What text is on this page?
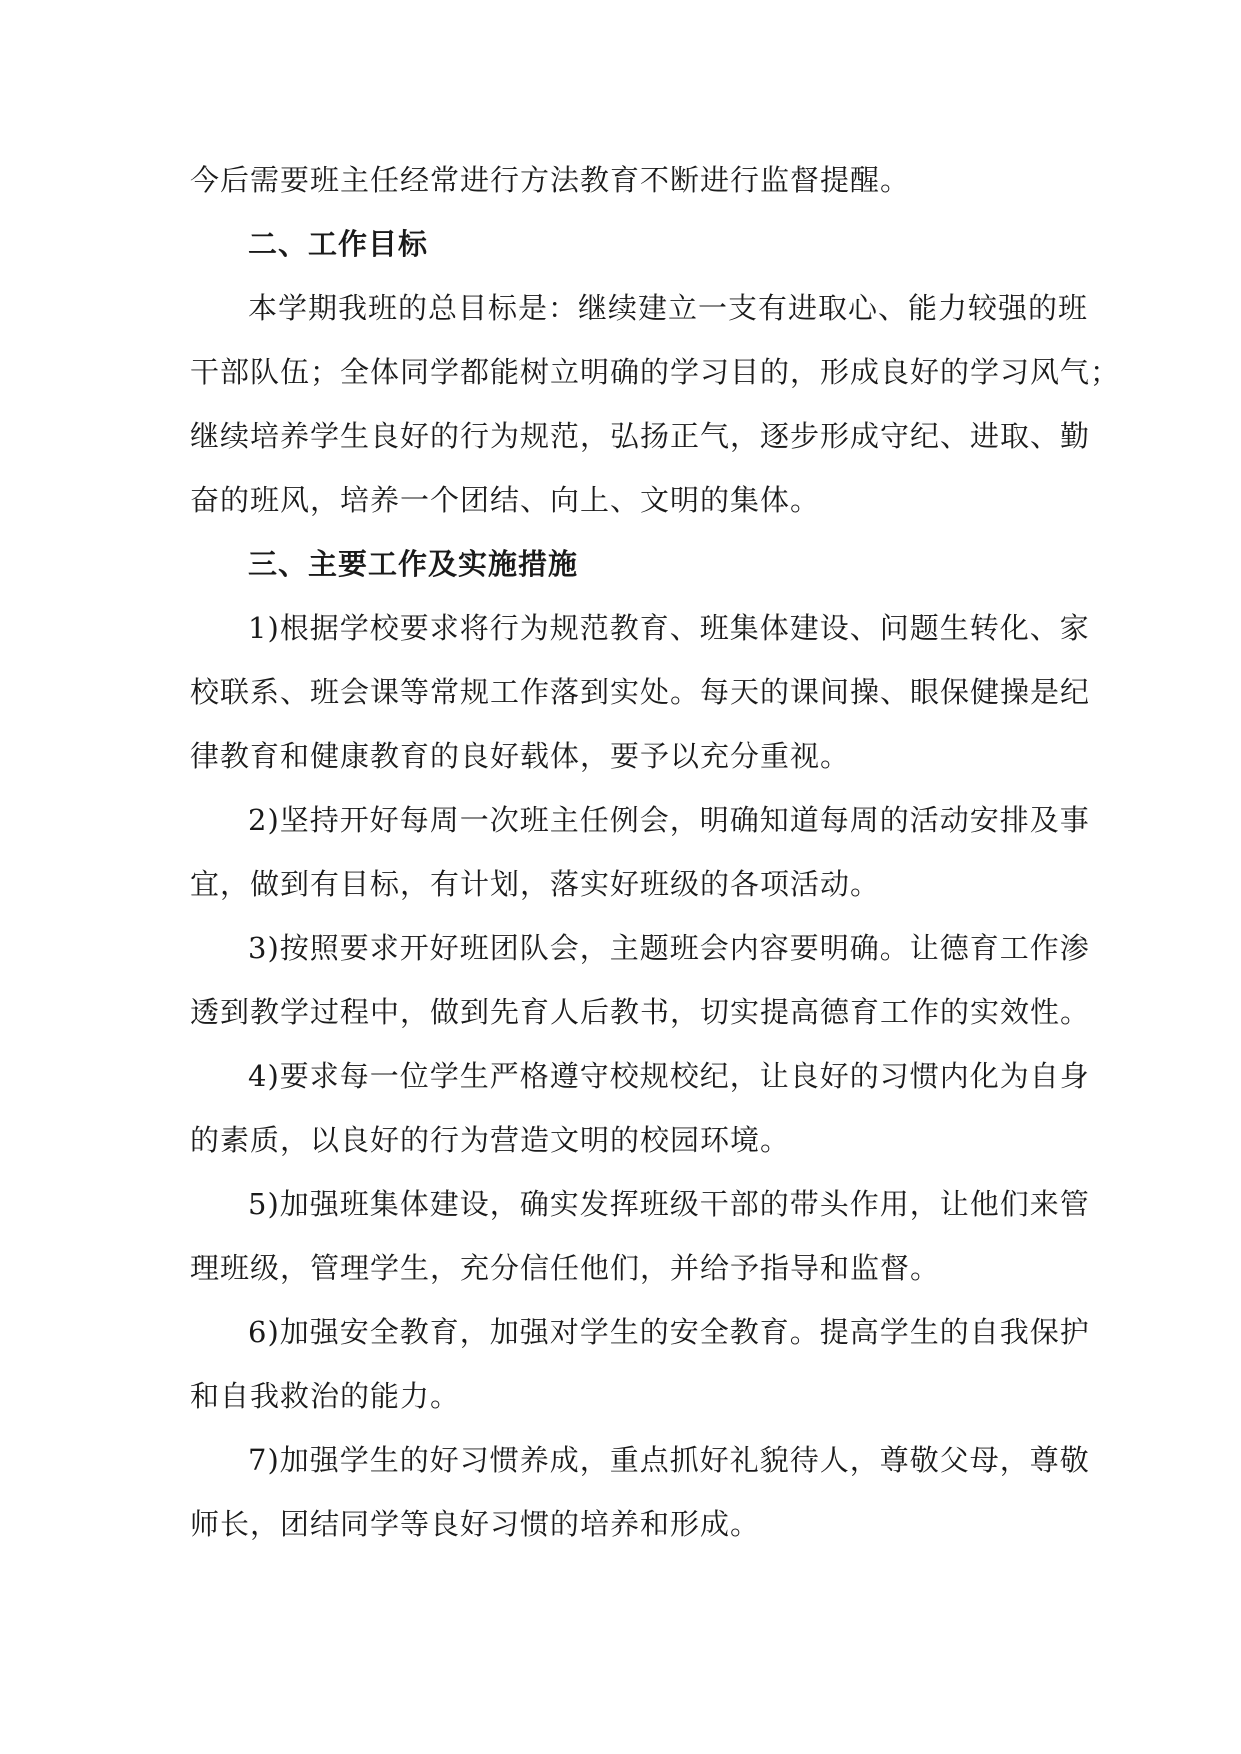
今后需要班主任经常进行方法教育不断进行监督提醒。

二、工作目标

本学期我班的总目标是：继续建立一支有进取心、能力较强的班

干部队伍；全体同学都能树立明确的学习目的，形成良好的学习风气；

继续培养学生良好的行为规范，弘扬正气，逐步形成守纪、进取、勤

奋的班风，培养一个团结、向上、文明的集体。

三、主要工作及实施措施

1)根据学校要求将行为规范教育、班集体建设、问题生转化、家

校联系、班会课等常规工作落到实处。每天的课间操、眼保健操是纪

律教育和健康教育的良好载体，要予以充分重视。

2)坚持开好每周一次班主任例会，明确知道每周的活动安排及事

宜，做到有目标，有计划，落实好班级的各项活动。

3)按照要求开好班团队会，主题班会内容要明确。让德育工作渗

透到教学过程中，做到先育人后教书，切实提高德育工作的实效性。

4)要求每一位学生严格遵守校规校纪，让良好的习惯内化为自身

的素质，以良好的行为营造文明的校园环境。

5)加强班集体建设，确实发挥班级干部的带头作用，让他们来管

理班级，管理学生，充分信任他们，并给予指导和监督。

6)加强安全教育，加强对学生的安全教育。提高学生的自我保护

和自我救治的能力。

7)加强学生的好习惯养成，重点抓好礼貌待人，尊敬父母，尊敬

师长，团结同学等良好习惯的培养和形成。
